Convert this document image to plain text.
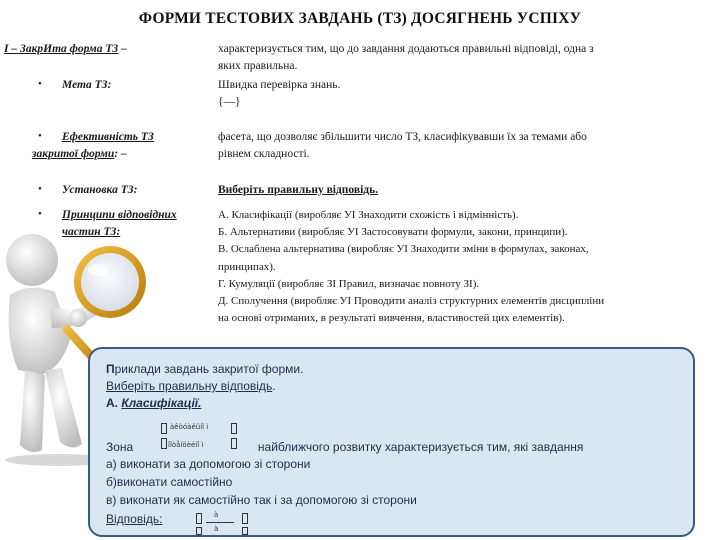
ФОРМИ ТЕСТОВИХ ЗАВДАНЬ (ТЗ) ДОСЯГНЕНЬ УСПІХУ
І – ЗакрИта форма ТЗ –	характеризується тим, що до завдання додаються правильні відповіді, одна з
яких правильна.
• Мета ТЗ:	Швидка перевірка знань.
{—}
• Ефективність ТЗ
закритої форми: –
фасета, що дозволяє збільшити число ТЗ, класифікувавши їх за темами або
рівнем складності.
• Установка ТЗ:	Виберіть правильну відповідь.
• Принципи відповідних
частин ТЗ:
А. Класифікації (виробляє УІ Знаходити схожість і відмінність).
Б. Альтернативи (виробляє УІ Застосовувати формули, закони, принципи).
В. Ослаблена альтернатива (виробляє УІ Знаходити зміни в формулах, законах,
принципах).
Г. Кумуляції (виробляє ЗІ Правил, визначає повноту ЗІ).
Д. Сполучення (виробляє УІ Проводити аналіз структурних елементів дисципліни
на основі отриманих, в результаті вивчення, властивостей цих елементів).
Приклади завдань закритої форми.
Виберіть правильну відповідь.
А. Класифікації.
Зона	найближчого розвитку характеризується тим, які завдання
àêòóàëüíî ì
ïîòåíöèéíî ì
а) виконати за допомогою зі сторони
б)виконати самостійно
в) виконати як самостійно так і за допомогою зі сторони
Відповідь:	à
à
